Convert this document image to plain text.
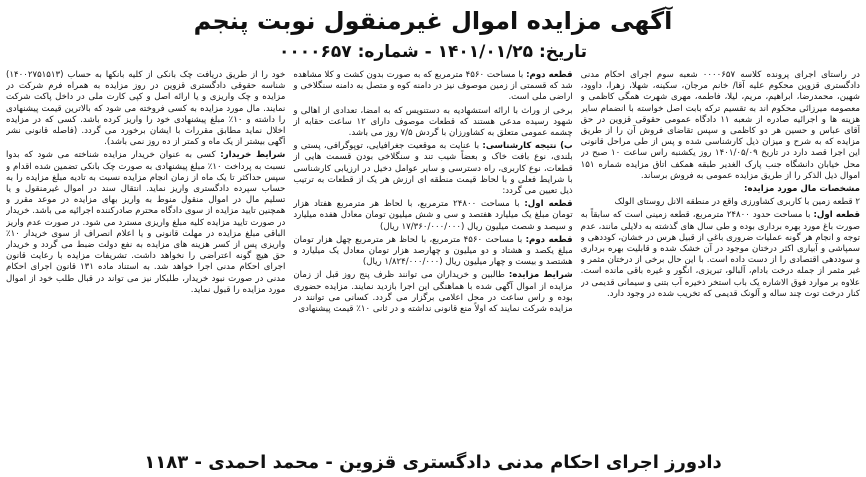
آگهی مزایده اموال غیرمنقول نوبت پنجم
تاریخ: ۱۴۰۱/۰۱/۲۵ - شماره: ۰۰۰۰۶۵۷

در راستای اجرای پرونده کلاسه ۰۰۰۰۶۵۷ شعبه سوم اجرای احکام مدنی دادگستری قزوین محکوم علیه آقا/ خانم مرجان، سکینه، شهلا، زهرا، داوود، شهین، محمدرضا، ابراهیم، مریم، لیلا، فاطمه، مهری شهرت همگی کاظمی و معصومه میرزائی محکوم اند به تقسیم ترکه بابت اصل خواسته با انضمام سایر هزینه ها و اجرائیه صادره از شعبه ۱۱ دادگاه عمومی حقوقی قزوین در حق آقای عباس و حسین هر دو کاظمی و سپس تقاضای فروش آن را از طریق مزایده که به شرح و میزان ذیل کارشناسی شده و پس از طی مراحل قانونی این اجرا قصد دارد در تاریخ ۱۴۰۱/۰۵/۰۹ روز یکشنبه راس ساعت ۱۰ صبح در محل خیابان دانشگاه جنب پارک الغدیر طبقه همکف اتاق مزایده شماره ۱۵۱ اموال ذیل الذکر را از طریق مزایده عمومی به فروش برساند.

مشخصات مال مورد مزایده:

۲ قطعه زمین با کاربری کشاورزی واقع در منطقه الانل روستای الولک

قطعه اول: با مساحت حدود ۲۴۸۰۰ مترمربع، قطعه زمینی است که سابقاً به صورت باغ مورد بهره برداری بوده و طی سال های گذشته به دلایلی مانند، عدم توجه و انجام هر گونه عملیات ضروری باغی از قبیل هرس در خشان، کوددهی و سمپاشی و آبیاری اکثر درختان موجود در آن خشک شده و قابلیت بهره برداری و سوددهی اقتصادی را از دست داده است. با این حال برخی از درختان مثمر و غیر مثمر از جمله درخت بادام، آلبالو، تبریزی، انگور و غیره باقی مانده است. علاوه بر موارد فوق الاشاره یک باب استخر ذخیره آب بتنی و سیمانی قدیمی در کنار درخت توت چند ساله و آلونک قدیمی که تخریب شده در وجود دارد.

قطعه دوم: با مساحت ۴۵۶۰ مترمربع که به صورت بدون کشت و کلا مشاهده شد که قسمتی از زمین موصوف نیز در دامنه کوه و متصل به دامنه سنگلاخی و اراضی ملی است.

برخی از وراث با ارائه استشهادیه به دستنویس که به امضا، تعدادی از اهالی و شهود رسیده مدعی هستند که قطعات موصوف دارای ۱۲ ساعت حقابه از چشمه عمومی متعلق به کشاورزان با گردش ۷/۵ روز می باشد.

ب) نتیجه کارشناسی: با عنایت به موقعیت جغرافیایی، توپوگرافی، پستی و بلندی، نوع بافت خاک و بعضاً شیب تند و سنگلاخی بودن قسمت هایی از قطعات، نوع کاربری، راه دسترسی و سایر عوامل دخیل در ارزیابی کارشناسی با شرایط فعلی و با لحاظ قیمت منطقه ای ارزش هر یک از قطعات به ترتیب ذیل تعیین می گردد:

قطعه اول: با مساحت ۲۴۸۰۰ مترمربع، با لحاظ هر مترمربع هفتاد هزار تومان مبلغ یک میلیارد هفتصد و سی و شش میلیون تومان معادل هفده میلیارد و سیصد و شصت میلیون ریال (۱۷/۳۶۰/۰۰۰/۰۰۰ ریال)

قطعه دوم: با مساحت ۴۵۶۰ مترمربع، با لحاظ هر مترمربع چهل هزار تومان مبلغ یکصد و هشتاد و دو میلیون و چهارصد هزار تومان معادل یک میلیارد و هشتصد و بیست و چهار میلیون ریال (۱/۸۲۴/۰۰۰/۰۰۰ ریال)

شرایط مزایده: طالبین و خریداران می توانند ظرف پنج روز قبل از زمان مزایده از اموال آگهی شده با هماهنگی این اجرا بازدید نمایند. مزایده حضوری بوده و راس ساعت در محل اعلامی برگزار می گردد. کسانی می توانند در مزایده شرکت نمایند که اولاً منع قانونی نداشته و در ثانی ۱۰٪ قیمت پیشنهادی

خود را از طریق دریافت چک بانکی از کلیه بانکها به حساب (۱۴۰۰۲۷۵۱۵۱۳) شناسه حقوقی دادگستری قزوین در روز مزایده به همراه فرم شرکت در مزایده و چک واریزی و یا ارائه اصل و کپی کارت ملی در داخل پاکت شرکت نمایند. مال مورد مزایده به کسی فروخته می شود که بالاترین قیمت پیشنهادی را داشته و ۱۰٪ مبلغ پیشنهادی خود را واریز کرده باشد. کسی که در مزایده اخلال نماید مطابق مقررات با ایشان برخورد می گردد. (فاصله قانونی نشر آگهی بیشتر از یک ماه و کمتر از ده روز نمی باشد).

شرایط خریدار: کسی به عنوان خریدار مزایده شناخته می شود که بدوا نسبت به پرداخت ۱۰٪ مبلغ پیشنهادی به صورت چک بانکی تضمین شده اقدام و سپس حداکثر تا یک ماه از زمان انجام مزایده نسبت به تادیه مبلغ مزایده را به حساب سپرده دادگستری واریز نماید. انتقال سند در اموال غیرمنقول و یا تسلیم مال در اموال منقول منوط به واریز بهای مزایده در موعد مقرر و همچنین تایید مزایده از سوی دادگاه محترم صادرکننده اجرائیه می باشد. خریدار در صورت تایید مزایده کلیه مبلغ واریزی مسترد می شود. در صورت عدم واریز الباقی مبلغ مزایده در مهلت قانونی و یا اعلام انصراف از سوی خریدار ۱۰٪ واریزی پس از کسر هزینه های مزایده به نفع دولت ضبط می گردد و خریدار حق هیچ گونه اعتراضی را نخواهد داشت. تشریفات مزایده با رعایت قانون اجرای احکام مدنی اجرا خواهد شد. به استناد ماده ۱۳۱ قانون اجرای احکام مدنی در صورت نبود خریدار، طلبکار نیز می تواند در قبال طلب خود از اموال مورد مزایده را قبول نماید.

دادورز اجرای احکام مدنی دادگستری قزوین - محمد احمدی - ۱۱۸۳
